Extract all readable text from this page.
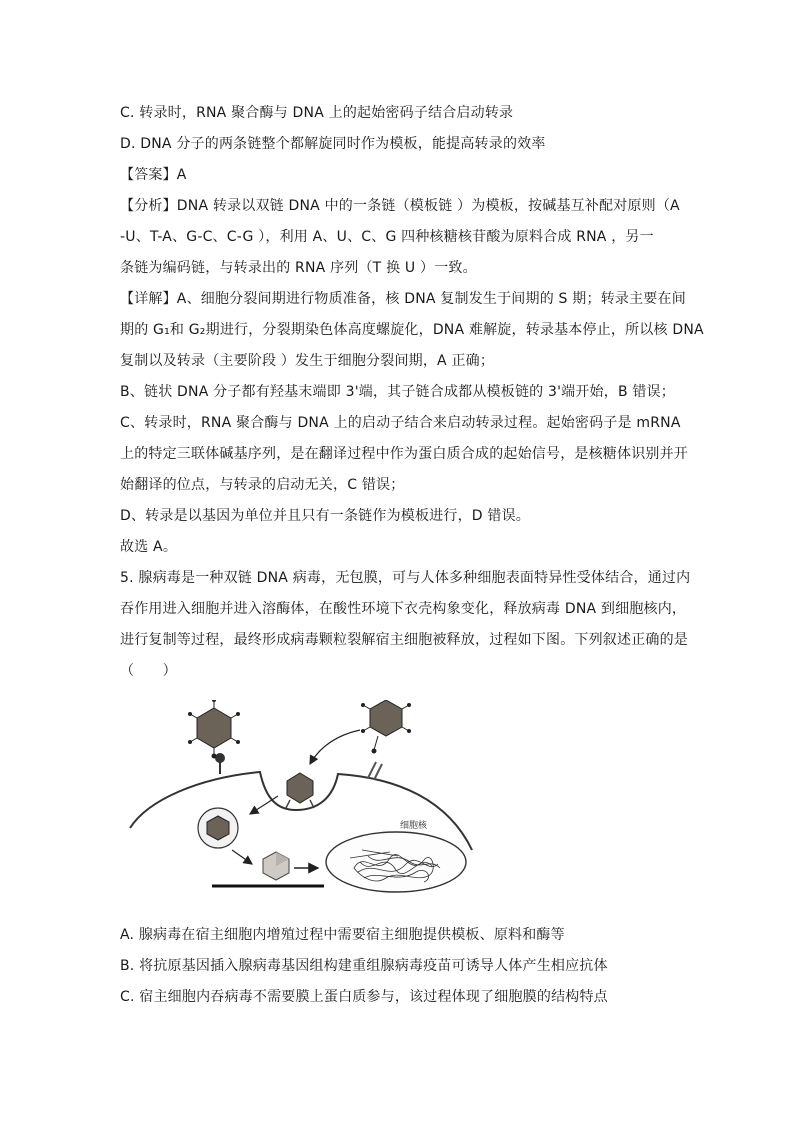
C. 转录时，RNA 聚合酶与 DNA 上的起始密码子结合启动转录
D. DNA 分子的两条链整个都解旋同时作为模板，能提高转录的效率
【答案】A
【分析】DNA 转录以双链 DNA 中的一条链（模板链 ）为模板，按碱基互补配对原则（A
-U、T-A、G-C、C-G ），利用 A、U、C、G 四种核糖核苷酸为原料合成 RNA ，另一
条链为编码链，与转录出的 RNA 序列（T 换 U ）一致。
【详解】A、细胞分裂间期进行物质准备，核 DNA 复制发生于间期的 S 期；转录主要在间
期的 G₁和 G₂期进行，分裂期染色体高度螺旋化，DNA 难解旋，转录基本停止，所以核 DNA
复制以及转录（主要阶段 ）发生于细胞分裂间期，A 正确；
B、链状 DNA 分子都有羟基末端即 3'端，其子链合成都从模板链的 3'端开始，B 错误；
C、转录时，RNA 聚合酶与 DNA 上的启动子结合来启动转录过程。起始密码子是 mRNA
上的特定三联体碱基序列，是在翻译过程中作为蛋白质合成的起始信号，是核糖体识别并开
始翻译的位点，与转录的启动无关，C 错误；
D、转录是以基因为单位并且只有一条链作为模板进行，D 错误。
故选 A。
5. 腺病毒是一种双链 DNA 病毒，无包膜，可与人体多种细胞表面特异性受体结合，通过内
吞作用进入细胞并进入溶酶体，在酸性环境下衣壳构象变化，释放病毒 DNA 到细胞核内，
进行复制等过程，最终形成病毒颗粒裂解宿主细胞被释放，过程如下图。下列叙述正确的是
（　　）
细胞核
A. 腺病毒在宿主细胞内增殖过程中需要宿主细胞提供模板、原料和酶等
B. 将抗原基因插入腺病毒基因组构建重组腺病毒疫苗可诱导人体产生相应抗体
C. 宿主细胞内吞病毒不需要膜上蛋白质参与，该过程体现了细胞膜的结构特点
